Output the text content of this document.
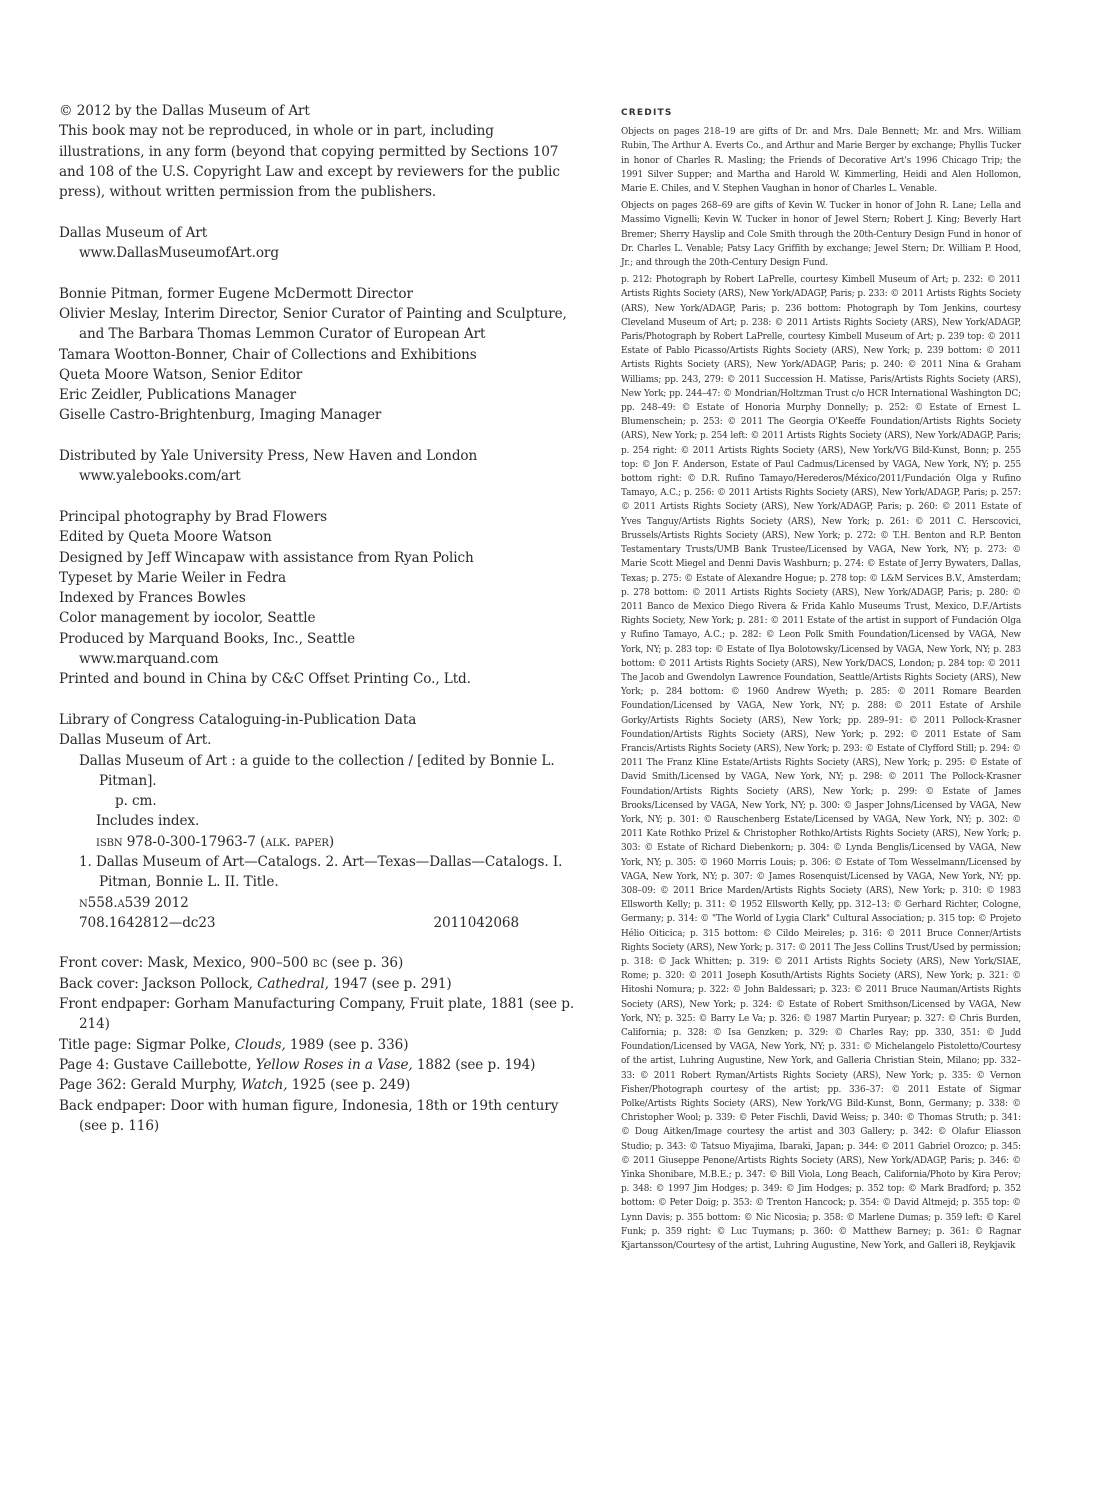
© 2012 by the Dallas Museum of Art

This book may not be reproduced, in whole or in part, including illustrations, in any form (beyond that copying permitted by Sections 107 and 108 of the U.S. Copyright Law and except by reviewers for the public press), without written permission from the publishers.

Dallas Museum of Art

www.DallasMuseumofArt.org

Bonnie Pitman, former Eugene McDermott Director

Olivier Meslay, Interim Director, Senior Curator of Painting and Sculpture, and The Barbara Thomas Lemmon Curator of European Art

Tamara Wootton-Bonner, Chair of Collections and Exhibitions

Queta Moore Watson, Senior Editor

Eric Zeidler, Publications Manager

Giselle Castro-Brightenburg, Imaging Manager

Distributed by Yale University Press, New Haven and London

www.yalebooks.com/art

Principal photography by Brad Flowers

Edited by Queta Moore Watson

Designed by Jeff Wincapaw with assistance from Ryan Polich

Typeset by Marie Weiler in Fedra

Indexed by Frances Bowles

Color management by iocolor, Seattle

Produced by Marquand Books, Inc., Seattle

www.marquand.com

Printed and bound in China by C&C Offset Printing Co., Ltd.

Library of Congress Cataloguing-in-Publication Data

Dallas Museum of Art.

Dallas Museum of Art : a guide to the collection / [edited by Bonnie L. Pitman].

p. cm.

Includes index.

isbn 978-0-300-17963-7 (alk. paper)

1. Dallas Museum of Art—Catalogs. 2. Art—Texas—Dallas—Catalogs. I. Pitman, Bonnie L. II. Title.

n558.a539 2012

708.1642812—dc23	2011042068

Front cover: Mask, Mexico, 900–500 bc (see p. 36)

Back cover: Jackson Pollock, Cathedral, 1947 (see p. 291)

Front endpaper: Gorham Manufacturing Company, Fruit plate, 1881 (see p. 214)

Title page: Sigmar Polke, Clouds, 1989 (see p. 336)

Page 4: Gustave Caillebotte, Yellow Roses in a Vase, 1882 (see p. 194)

Page 362: Gerald Murphy, Watch, 1925 (see p. 249)

Back endpaper: Door with human figure, Indonesia, 18th or 19th century (see p. 116)

CREDITS

Objects on pages 218–19 are gifts of Dr. and Mrs. Dale Bennett; Mr. and Mrs. William Rubin, The Arthur A. Everts Co., and Arthur and Marie Berger by exchange; Phyllis Tucker in honor of Charles R. Masling; the Friends of Decorative Art's 1996 Chicago Trip; the 1991 Silver Supper; and Martha and Harold W. Kimmerling, Heidi and Alen Hollomon, Marie E. Chiles, and V. Stephen Vaughan in honor of Charles L. Venable.

Objects on pages 268–69 are gifts of Kevin W. Tucker in honor of John R. Lane; Lella and Massimo Vignelli; Kevin W. Tucker in honor of Jewel Stern; Robert J. King; Beverly Hart Bremer; Sherry Hayslip and Cole Smith through the 20th-Century Design Fund in honor of Dr. Charles L. Venable; Patsy Lacy Griffith by exchange; Jewel Stern; Dr. William P. Hood, Jr.; and through the 20th-Century Design Fund.

p. 212: Photograph by Robert LaPrelle, courtesy Kimbell Museum of Art; p. 232: © 2011 Artists Rights Society (ARS), New York/ADAGP, Paris; p. 233: © 2011 Artists Rights Society (ARS), New York/ADAGP, Paris; p. 236 bottom: Photograph by Tom Jenkins, courtesy Cleveland Museum of Art; p. 238: © 2011 Artists Rights Society (ARS), New York/ADAGP, Paris/Photograph by Robert LaPrelle, courtesy Kimbell Museum of Art; p. 239 top: © 2011 Estate of Pablo Picasso/Artists Rights Society (ARS), New York; p. 239 bottom: © 2011 Artists Rights Society (ARS), New York/ADAGP, Paris; p. 240: © 2011 Nina & Graham Williams; pp. 243, 279: © 2011 Succession H. Matisse, Paris/Artists Rights Society (ARS), New York; pp. 244–47: © Mondrian/Holtzman Trust c/o HCR International Washington DC; pp. 248–49: © Estate of Honoria Murphy Donnelly; p. 252: © Estate of Ernest L. Blumenschein; p. 253: © 2011 The Georgia O'Keeffe Foundation/Artists Rights Society (ARS), New York; p. 254 left: © 2011 Artists Rights Society (ARS), New York/ADAGP, Paris; p. 254 right: © 2011 Artists Rights Society (ARS), New York/VG Bild-Kunst, Bonn; p. 255 top: © Jon F. Anderson, Estate of Paul Cadmus/Licensed by VAGA, New York, NY; p. 255 bottom right: © D.R. Rufino Tamayo/Herederos/México/2011/Fundación Olga y Rufino Tamayo, A.C.; p. 256: © 2011 Artists Rights Society (ARS), New York/ADAGP, Paris; p. 257: © 2011 Artists Rights Society (ARS), New York/ADAGP, Paris; p. 260: © 2011 Estate of Yves Tanguy/Artists Rights Society (ARS), New York; p. 261: © 2011 C. Herscovici, Brussels/Artists Rights Society (ARS), New York; p. 272: © T.H. Benton and R.P. Benton Testamentary Trusts/UMB Bank Trustee/Licensed by VAGA, New York, NY; p. 273: © Marie Scott Miegel and Denni Davis Washburn; p. 274: © Estate of Jerry Bywaters, Dallas, Texas; p. 275: © Estate of Alexandre Hogue; p. 278 top: © L&M Services B.V., Amsterdam; p. 278 bottom: © 2011 Artists Rights Society (ARS), New York/ADAGP, Paris; p. 280: © 2011 Banco de Mexico Diego Rivera & Frida Kahlo Museums Trust, Mexico, D.F./Artists Rights Society, New York; p. 281: © 2011 Estate of the artist in support of Fundación Olga y Rufino Tamayo, A.C.; p. 282: © Leon Polk Smith Foundation/Licensed by VAGA, New York, NY; p. 283 top: © Estate of Ilya Bolotowsky/Licensed by VAGA, New York, NY; p. 283 bottom: © 2011 Artists Rights Society (ARS), New York/DACS, London; p. 284 top: © 2011 The Jacob and Gwendolyn Lawrence Foundation, Seattle/Artists Rights Society (ARS), New York; p. 284 bottom: © 1960 Andrew Wyeth; p. 285: © 2011 Romare Bearden Foundation/Licensed by VAGA, New York, NY; p. 288: © 2011 Estate of Arshile Gorky/Artists Rights Society (ARS), New York; pp. 289–91: © 2011 Pollock-Krasner Foundation/Artists Rights Society (ARS), New York; p. 292: © 2011 Estate of Sam Francis/Artists Rights Society (ARS), New York; p. 293: © Estate of Clyfford Still; p. 294: © 2011 The Franz Kline Estate/Artists Rights Society (ARS), New York; p. 295: © Estate of David Smith/Licensed by VAGA, New York, NY; p. 298: © 2011 The Pollock-Krasner Foundation/Artists Rights Society (ARS), New York; p. 299: © Estate of James Brooks/Licensed by VAGA, New York, NY; p. 300: © Jasper Johns/Licensed by VAGA, New York, NY; p. 301: © Rauschenberg Estate/Licensed by VAGA, New York, NY; p. 302: © 2011 Kate Rothko Prizel & Christopher Rothko/Artists Rights Society (ARS), New York; p. 303: © Estate of Richard Diebenkorn; p. 304: © Lynda Benglis/Licensed by VAGA, New York, NY; p. 305: © 1960 Morris Louis; p. 306: © Estate of Tom Wesselmann/Licensed by VAGA, New York, NY; p. 307: © James Rosenquist/Licensed by VAGA, New York, NY; pp. 308–09: © 2011 Brice Marden/Artists Rights Society (ARS), New York; p. 310: © 1983 Ellsworth Kelly; p. 311: © 1952 Ellsworth Kelly, pp. 312–13: © Gerhard Richter, Cologne, Germany; p. 314: © "The World of Lygia Clark" Cultural Association; p. 315 top: © Projeto Hélio Oiticica; p. 315 bottom: © Cildo Meireles; p. 316: © 2011 Bruce Conner/Artists Rights Society (ARS), New York; p. 317: © 2011 The Jess Collins Trust/Used by permission; p. 318: © Jack Whitten; p. 319: © 2011 Artists Rights Society (ARS), New York/SIAE, Rome; p. 320: © 2011 Joseph Kosuth/Artists Rights Society (ARS), New York; p. 321: © Hitoshi Nomura; p. 322: © John Baldessari; p. 323: © 2011 Bruce Nauman/Artists Rights Society (ARS), New York; p. 324: © Estate of Robert Smithson/Licensed by VAGA, New York, NY; p. 325: © Barry Le Va; p. 326: © 1987 Martin Puryear; p. 327: © Chris Burden, California; p. 328: © Isa Genzken; p. 329: © Charles Ray; pp. 330, 351: © Judd Foundation/Licensed by VAGA, New York, NY; p. 331: © Michelangelo Pistoletto/Courtesy of the artist, Luhring Augustine, New York, and Galleria Christian Stein, Milano; pp. 332–33: © 2011 Robert Ryman/Artists Rights Society (ARS), New York; p. 335: © Vernon Fisher/Photograph courtesy of the artist; pp. 336–37: © 2011 Estate of Sigmar Polke/Artists Rights Society (ARS), New York/VG Bild-Kunst, Bonn, Germany; p. 338: © Christopher Wool; p. 339: © Peter Fischli, David Weiss; p. 340: © Thomas Struth; p. 341: © Doug Aitken/Image courtesy the artist and 303 Gallery; p. 342: © Olafur Eliasson Studio; p. 343: © Tatsuo Miyajima, Ibaraki, Japan; p. 344: © 2011 Gabriel Orozco; p. 345: © 2011 Giuseppe Penone/Artists Rights Society (ARS), New York/ADAGP, Paris; p. 346: © Yinka Shonibare, M.B.E.; p. 347: © Bill Viola, Long Beach, California/Photo by Kira Perov; p. 348: © 1997 Jim Hodges; p. 349: © Jim Hodges; p. 352 top: © Mark Bradford; p. 352 bottom: © Peter Doig; p. 353: © Trenton Hancock; p. 354: © David Altmejd; p. 355 top: © Lynn Davis; p. 355 bottom: © Nic Nicosia; p. 358: © Marlene Dumas; p. 359 left: © Karel Funk; p. 359 right: © Luc Tuymans; p. 360: © Matthew Barney; p. 361: © Ragnar Kjartansson/Courtesy of the artist, Luhring Augustine, New York, and Galleri i8, Reykjavik
